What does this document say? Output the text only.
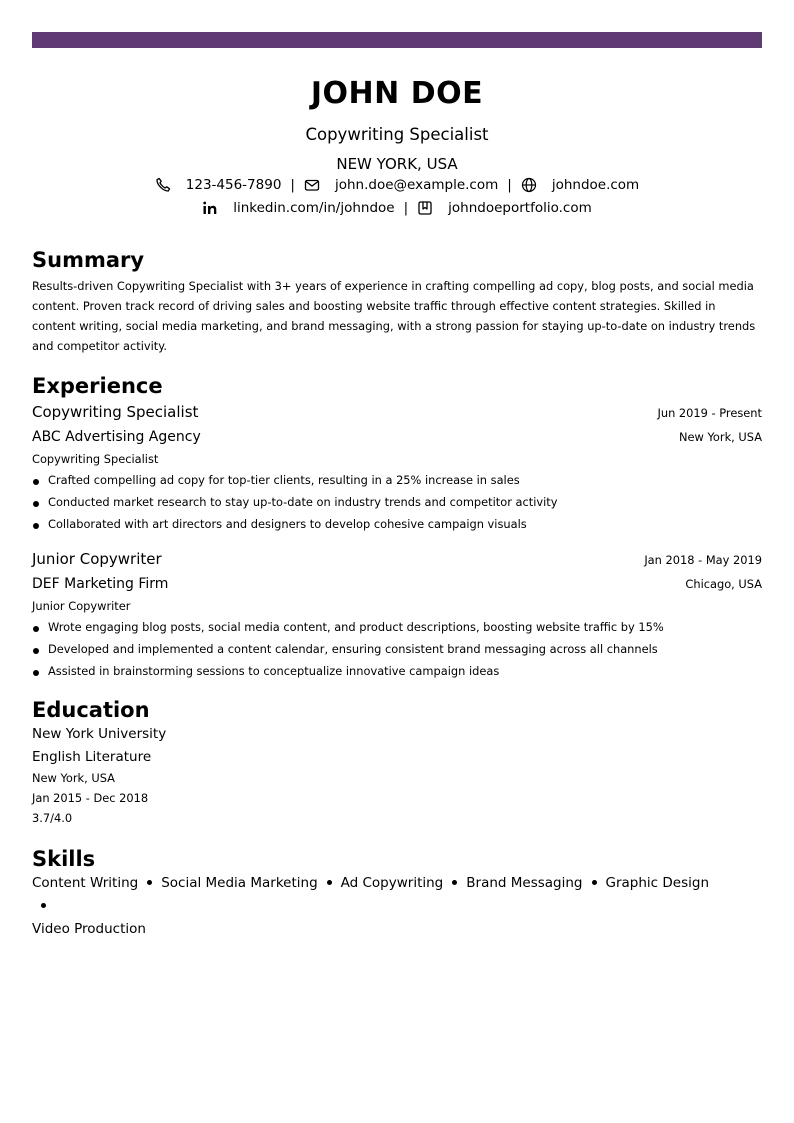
JOHN DOE
Copywriting Specialist
NEW YORK, USA
123-456-7890 |	john.doe@example.com |	johndoe.com
linkedin.com/in/johndoe |	johndoeportfolio.com
Summary
Results-driven Copywriting Specialist with 3+ years of experience in crafting compelling ad copy, blog posts, and social media content. Proven track record of driving sales and boosting website traffic through effective content strategies. Skilled in content writing, social media marketing, and brand messaging, with a strong passion for staying up-to-date on industry trends and competitor activity.
Experience
Copywriting Specialist	Jun 2019 - Present
ABC Advertising Agency	New York, USA
Copywriting Specialist
Crafted compelling ad copy for top-tier clients, resulting in a 25% increase in sales
Conducted market research to stay up-to-date on industry trends and competitor activity
Collaborated with art directors and designers to develop cohesive campaign visuals
Junior Copywriter	Jan 2018 - May 2019
DEF Marketing Firm	Chicago, USA
Junior Copywriter
Wrote engaging blog posts, social media content, and product descriptions, boosting website traffic by 15%
Developed and implemented a content calendar, ensuring consistent brand messaging across all channels
Assisted in brainstorming sessions to conceptualize innovative campaign ideas
Education
New York University
English Literature
New York, USA
Jan 2015 - Dec 2018
3.7/4.0
Skills
Content Writing Social Media Marketing Ad Copywriting Brand Messaging Graphic Design
Video Production
